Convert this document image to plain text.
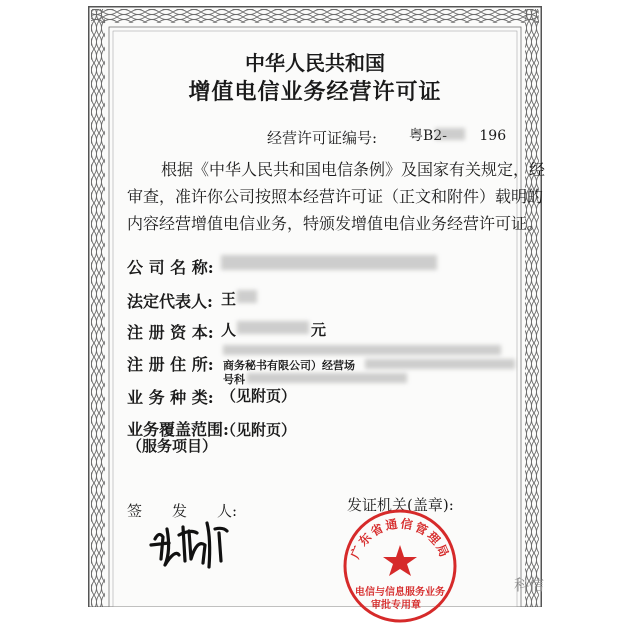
中华人民共和国
增值电信业务经营许可证
经营许可证编号: 粤B2-   196
根据《中华人民共和国电信条例》及国家有关规定，经
审查，准许你公司按照本经营许可证（正文和附件）载明的
内容经营增值电信业务，特颁发增值电信业务经营许可证。
公 司 名 称:
法定代表人: 王
注 册 资 本: 人	元
注 册 住 所: 商务秘书有限公司）经营场
号科
业 务 种 类: （见附页）
业务覆盖范围:
（服务项目）
（见附页）
签　　发　　人:	发证机关(盖章):
广东省通信管理局
电信与信息服务业务
审批专用章
科信
